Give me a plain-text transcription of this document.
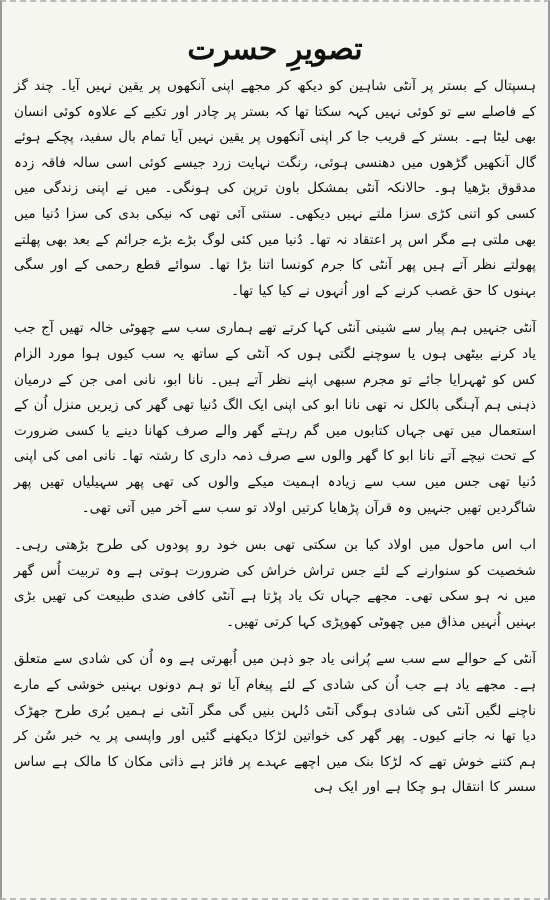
تصویرِ حسرت

ہسپتال کے بستر پر آنٹی شاہین کو دیکھ کر مجھے اپنی آنکھوں پر یقین نہیں آیا۔ چند گز کے فاصلے سے تو کوئی نہیں کہہ سکتا تھا کہ بستر پر چادر اور تکیے کے علاوہ کوئی انسان بھی لیٹا ہے۔ بستر کے قریب جا کر اپنی آنکھوں پر یقین نہیں آیا تمام بال سفید، پچکے ہوئے گال آنکھیں گڑھوں میں دھنسی ہوئی، رنگت نہایت زرد جیسے کوئی اسی سالہ فاقہ زدہ مدقوق بڑھیا ہو۔ حالانکہ آنٹی بمشکل باون ترپن کی ہونگی۔ میں نے اپنی زندگی میں کسی کو اتنی کڑی سزا ملتے نہیں دیکھی۔ سنتی آئی تھی کہ نیکی بدی کی سزا دُنیا میں بھی ملتی ہے مگر اس پر اعتقاد نہ تھا۔ دُنیا میں کئی لوگ بڑے بڑے جرائم کے بعد بھی پھلتے پھولتے نظر آتے ہیں پھر آنٹی کا جرم کونسا اتنا بڑا تھا۔ سوائے قطع رحمی کے اور سگی بہنوں کا حق غصب کرنے کے اور اُنہوں نے کیا کیا تھا۔

آنٹی جنہیں ہم پیار سے شینی آنٹی کہا کرتے تھے ہماری سب سے چھوٹی خالہ تھیں آج جب یاد کرنے بیٹھی ہوں یا سوچنے لگتی ہوں کہ آنٹی کے ساتھ یہ سب کیوں ہوا مورد الزام کس کو ٹھہرایا جائے تو مجرم سبھی اپنے نظر آتے ہیں۔ نانا ابو، نانی امی جن کے درمیان ذہنی ہم آہنگی بالکل نہ تھی نانا ابو کی اپنی ایک الگ دُنیا تھی گھر کی زیریں منزل اُن کے استعمال میں تھی جہاں کتابوں میں گم رہتے گھر والے صرف کھانا دینے یا کسی ضرورت کے تحت نیچے آتے نانا ابو کا گھر والوں سے صرف ذمہ داری کا رشتہ تھا۔ نانی امی کی اپنی دُنیا تھی جس میں سب سے زیادہ اہمیت میکے والوں کی تھی پھر سہیلیاں تھیں پھر شاگردیں تھیں جنہیں وہ قرآن پڑھایا کرتیں اولاد تو سب سے آخر میں آتی تھی۔

اب اس ماحول میں اولاد کیا بن سکتی تھی بس خود رو پودوں کی طرح بڑھتی رہی۔ شخصیت کو سنوارنے کے لئے جس تراش خراش کی ضرورت ہوتی ہے وہ تربیت اُس گھر میں نہ ہو سکی تھی۔ مجھے جہاں تک یاد پڑتا ہے آنٹی کافی ضدی طبیعت کی تھیں بڑی بہنیں اُنہیں مذاق میں چھوٹی کھوپڑی کہا کرتی تھیں۔

آنٹی کے حوالے سے سب سے پُرانی یاد جو ذہن میں اُبھرتی ہے وہ اُن کی شادی سے متعلق ہے۔ مجھے یاد ہے جب اُن کی شادی کے لئے پیغام آیا تو ہم دونوں بہنیں خوشی کے مارے ناچنے لگیں آنٹی کی شادی ہوگی آنٹی دُلہن بنیں گی مگر آنٹی نے ہمیں بُری طرح جھڑک دیا تھا نہ جانے کیوں۔ پھر گھر کی خواتین لڑکا دیکھنے گئیں اور واپسی پر یہ خبر سُن کر ہم کتنے خوش تھے کہ لڑکا بنک میں اچھے عہدے پر فائز ہے ذاتی مکان کا مالک ہے ساس سسر کا انتقال ہو چکا ہے اور ایک ہی
